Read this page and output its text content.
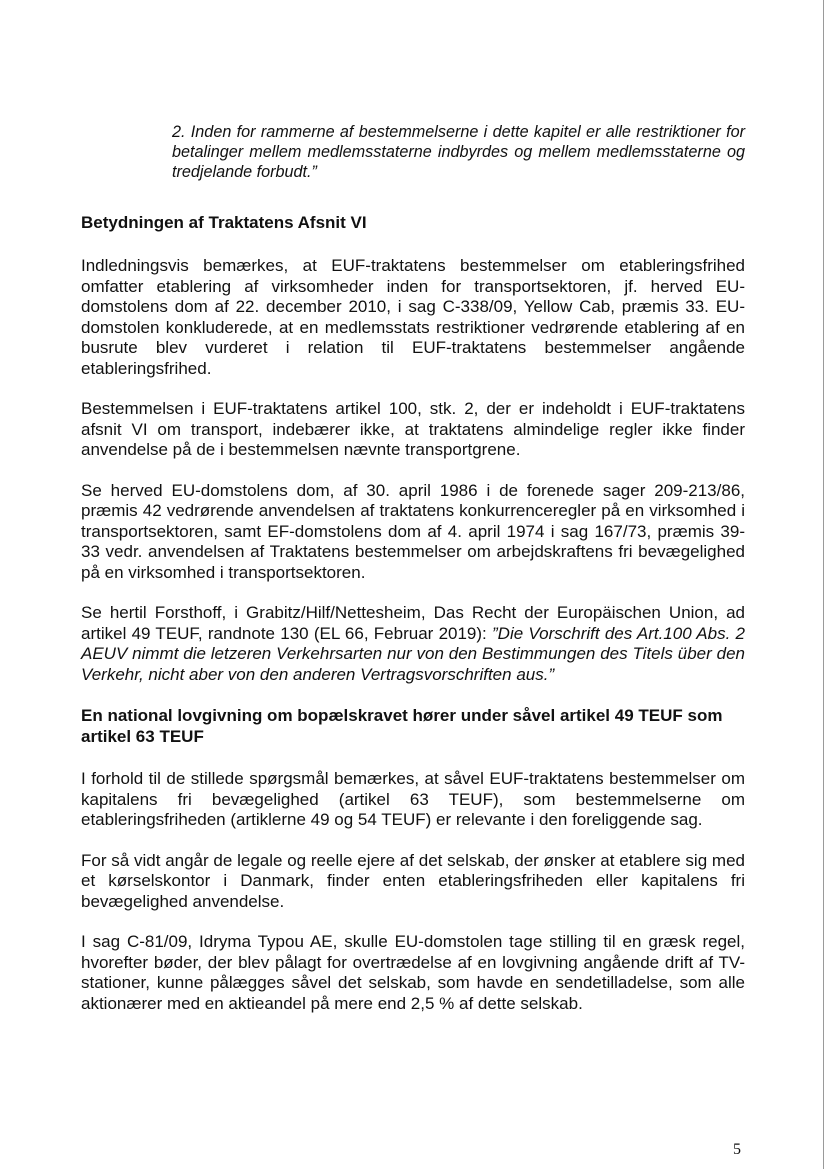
2. Inden for rammerne af bestemmelserne i dette kapitel er alle restriktioner for betalinger mellem medlemsstaterne indbyrdes og mellem medlemsstaterne og tredjelande forbudt.”

Betydningen af Traktatens Afsnit VI

Indledningsvis bemærkes, at EUF-traktatens bestemmelser om etableringsfrihed omfatter etablering af virksomheder inden for transportsektoren, jf. herved EU-domstolens dom af 22. december 2010, i sag C-338/09, Yellow Cab, præmis 33. EU-domstolen konkluderede, at en medlemsstats restriktioner vedrørende etablering af en busrute blev vurderet i relation til EUF-traktatens bestemmelser angående etableringsfrihed.

Bestemmelsen i EUF-traktatens artikel 100, stk. 2, der er indeholdt i EUF-traktatens afsnit VI om transport, indebærer ikke, at traktatens almindelige regler ikke finder anvendelse på de i bestemmelsen nævnte transportgrene.

Se herved EU-domstolens dom, af 30. april 1986 i de forenede sager 209-213/86, præmis 42 vedrørende anvendelsen af traktatens konkurrenceregler på en virksomhed i transportsektoren, samt EF-domstolens dom af 4. april 1974 i sag 167/73, præmis 39-33 vedr. anvendelsen af Traktatens bestemmelser om arbejdskraftens fri bevægelighed på en virksomhed i transportsektoren.

Se hertil Forsthoff, i Grabitz/Hilf/Nettesheim, Das Recht der Europäischen Union, ad artikel 49 TEUF, randnote 130 (EL 66, Februar 2019): ”Die Vorschrift des Art.100 Abs. 2 AEUV nimmt die letzeren Verkehrsarten nur von den Bestimmungen des Titels über den Verkehr, nicht aber von den anderen Vertragsvorschriften aus.”

En national lovgivning om bopælskravet hører under såvel artikel 49 TEUF som artikel 63 TEUF

I forhold til de stillede spørgsmål bemærkes, at såvel EUF-traktatens bestemmelser om kapitalens fri bevægelighed (artikel 63 TEUF), som bestemmelserne om etableringsfriheden (artiklerne 49 og 54 TEUF) er relevante i den foreliggende sag.

For så vidt angår de legale og reelle ejere af det selskab, der ønsker at etablere sig med et kørselskontor i Danmark, finder enten etableringsfriheden eller kapitalens fri bevægelighed anvendelse.

I sag C-81/09, Idryma Typou AE, skulle EU-domstolen tage stilling til en græsk regel, hvorefter bøder, der blev pålagt for overtrædelse af en lovgivning angående drift af TV-stationer, kunne pålægges såvel det selskab, som havde en sendetilladelse, som alle aktionærer med en aktieandel på mere end 2,5 % af dette selskab.

5
